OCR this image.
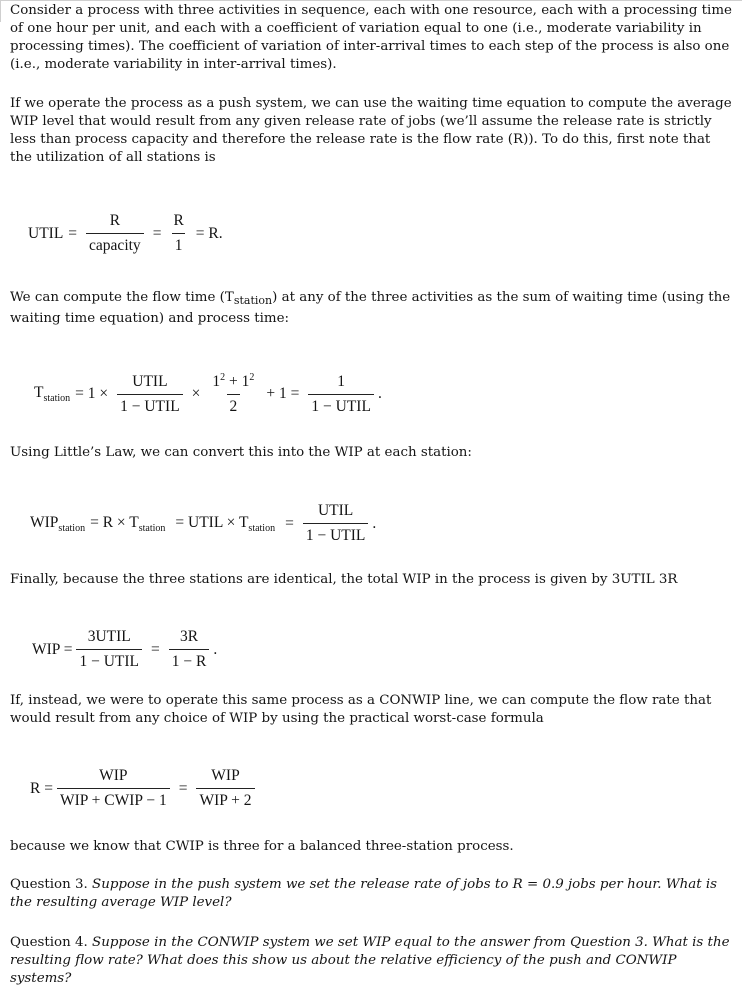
Consider a process with three activities in sequence, each with one resource, each with a processing time of one hour per unit, and each with a coefficient of variation equal to one (i.e., moderate variability in processing times). The coefficient of variation of inter-arrival times to each step of the process is also one (i.e., moderate variability in inter-arrival times).

If we operate the process as a push system, we can use the waiting time equation to compute the average WIP level that would result from any given release rate of jobs (we’ll assume the release rate is strictly less than process capacity and therefore the release rate is the flow rate (R)). To do this, first note that the utilization of all stations is

UTIL = $\frac{R}{\text{capacity}} = \frac{R}{1} = R$.

We can compute the flow time $(T_{station})$ at any of the three activities as the sum of waiting time (using the waiting time equation) and process time:

$T_{station} = 1 \times \frac{\text{UTIL}}{\text{1 − UTIL}} \times \frac{1^2 + 1^2}{2} + 1 = \frac{1}{\text{1 − UTIL}}$ .

Using Little’s Law, we can convert this into the WIP at each station:

$WIP_{station} = R \times T_{station}$ = UTIL × $T_{station} = \frac{\text{UTIL}}{\text{1 − UTIL}}$ .

Finally, because the three stations are identical, the total WIP in the process is given by 3UTIL 3R

WIP = $\frac{\text{3UTIL}}{\text{1 − UTIL}} = \frac{3R}{1 - R}$ .

If, instead, we were to operate this same process as a CONWIP line, we can compute the flow rate that would result from any choice of WIP by using the practical worst-case formula

$R = \frac{\text{WIP}}{\text{WIP + CWIP − 1}} = \frac{\text{WIP}}{\text{WIP + 2}}$

because we know that CWIP is three for a balanced three-station process.

Question 3. Suppose in the push system we set the release rate of jobs to R = 0.9 jobs per hour. What is the resulting average WIP level?

Question 4. Suppose in the CONWIP system we set WIP equal to the answer from Question 3. What is the resulting flow rate? What does this show us about the relative efficiency of the push and CONWIP systems?
